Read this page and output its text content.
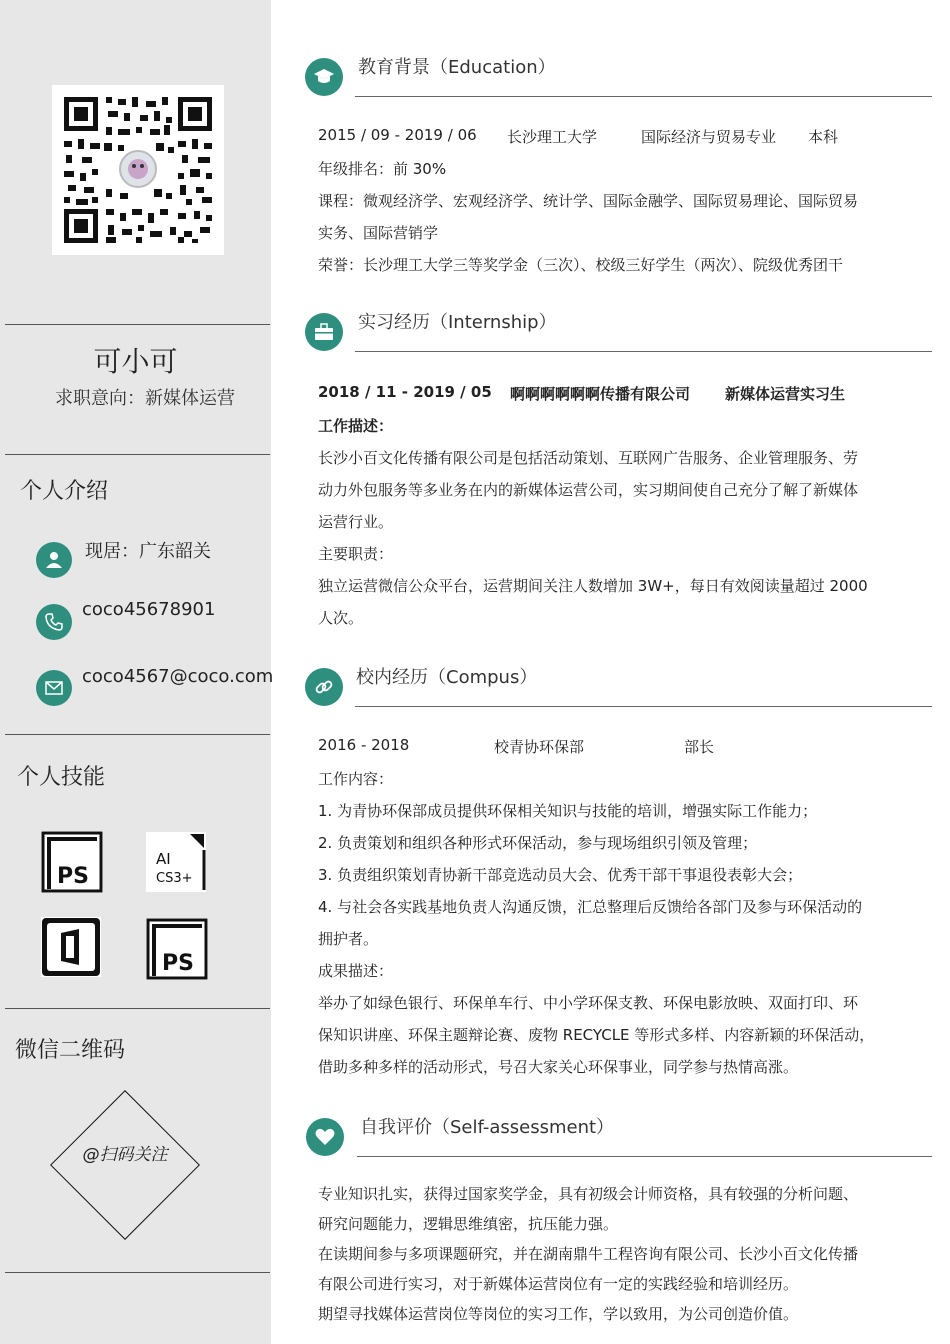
可小可
求职意向：新媒体运营
个人介绍
现居：广东韶关
coco45678901
coco4567@coco.com
个人技能
PS
AI
CS3+
PS
微信二维码
@扫码关注
教育背景（Education）
2015 / 09 - 2019 / 06 长沙理工大学	国际经济与贸易专业 本科
年级排名：前 30%
课程：微观经济学、宏观经济学、统计学、国际金融学、国际贸易理论、国际贸易
实务、国际营销学
荣誉：长沙理工大学三等奖学金（三次）、校级三好学生（两次）、院级优秀团干
实习经历（Internship）
2018 / 11 - 2019 / 05 啊啊啊啊啊啊传播有限公司 新媒体运营实习生
工作描述：
长沙小百文化传播有限公司是包括活动策划、互联网广告服务、企业管理服务、劳
动力外包服务等多业务在内的新媒体运营公司，实习期间使自己充分了解了新媒体
运营行业。
主要职责：
独立运营微信公众平台，运营期间关注人数增加 3W+，每日有效阅读量超过 2000
人次。
校内经历（Compus）
2016 - 2018	校青协环保部	部长
工作内容：
1. 为青协环保部成员提供环保相关知识与技能的培训，增强实际工作能力；
2. 负责策划和组织各种形式环保活动，参与现场组织引领及管理；
3. 负责组织策划青协新干部竞选动员大会、优秀干部干事退役表彰大会；
4. 与社会各实践基地负责人沟通反馈，汇总整理后反馈给各部门及参与环保活动的
拥护者。
成果描述：
举办了如绿色银行、环保单车行、中小学环保支教、环保电影放映、双面打印、环
保知识讲座、环保主题辩论赛、废物 RECYCLE 等形式多样、内容新颖的环保活动，
借助多种多样的活动形式，号召大家关心环保事业，同学参与热情高涨。
自我评价（Self-assessment）
专业知识扎实，获得过国家奖学金，具有初级会计师资格，具有较强的分析问题、
研究问题能力，逻辑思维缜密，抗压能力强。
在读期间参与多项课题研究，并在湖南鼎牛工程咨询有限公司、长沙小百文化传播
有限公司进行实习，对于新媒体运营岗位有一定的实践经验和培训经历。
期望寻找媒体运营岗位等岗位的实习工作，学以致用，为公司创造价值。
